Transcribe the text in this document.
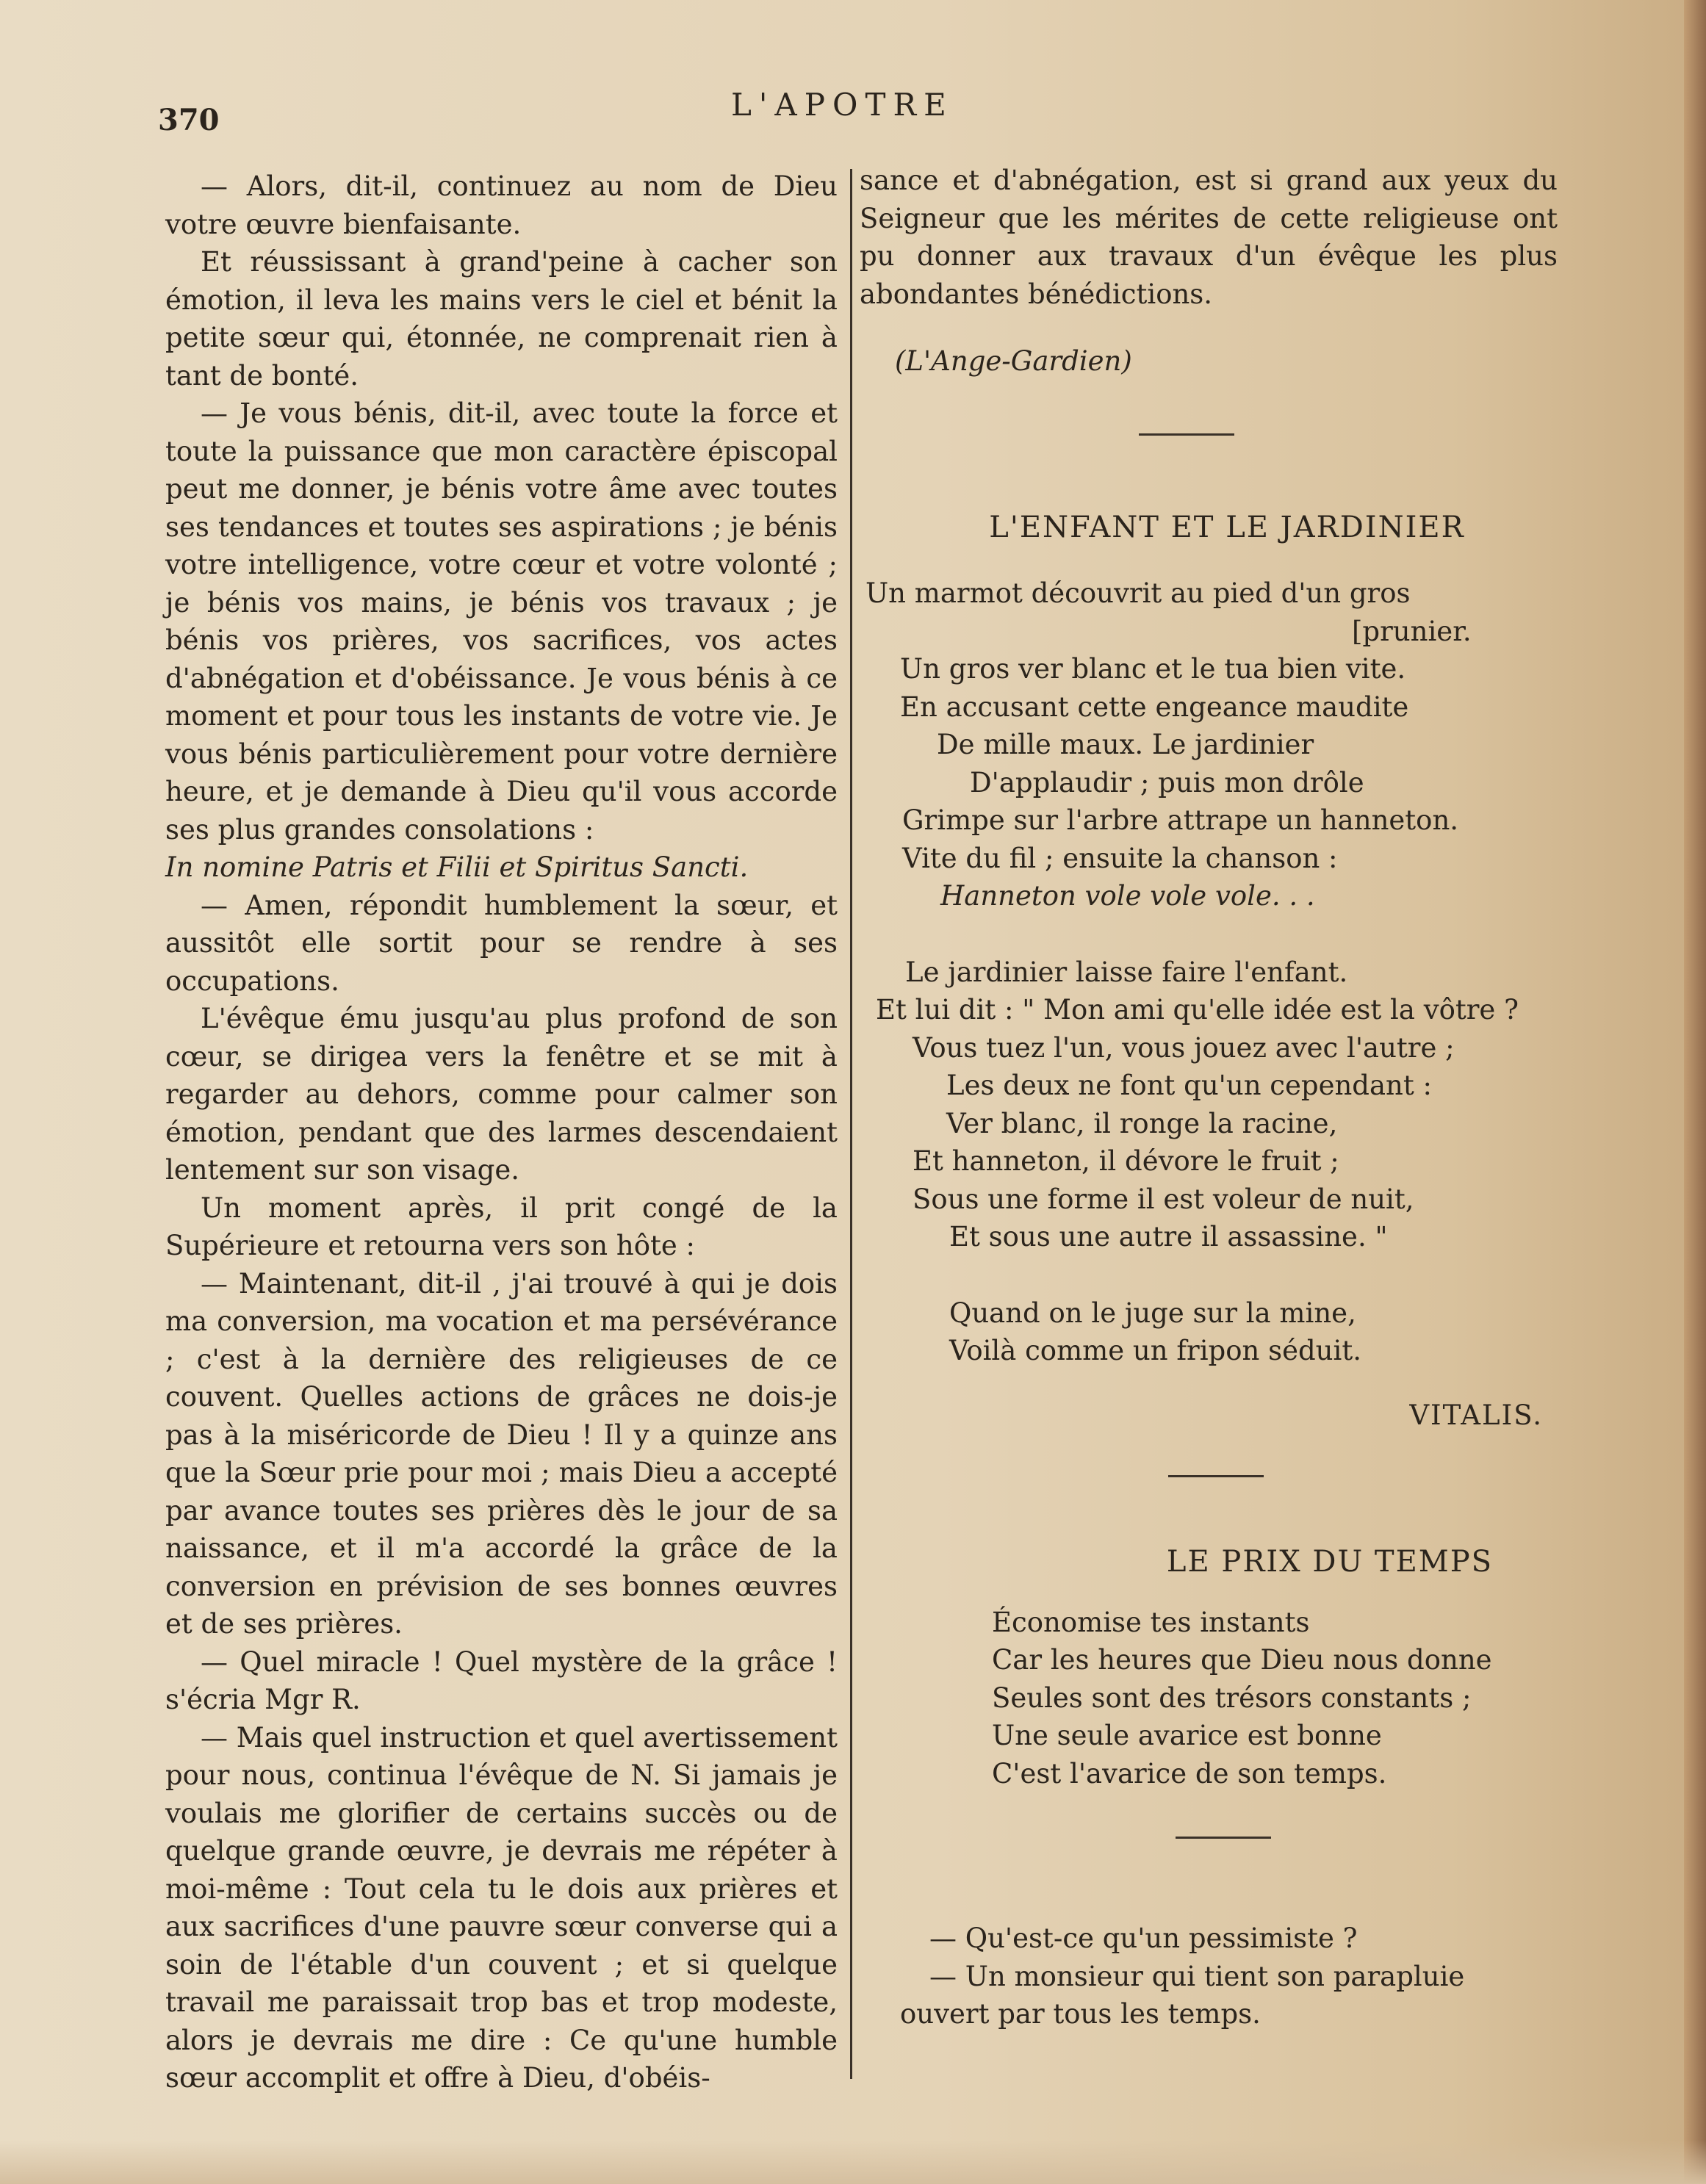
370	L'APOTRE

— Alors, dit-il, continuez au nom de Dieu votre œuvre bienfaisante.

Et réussissant à grand'peine à cacher son émotion, il leva les mains vers le ciel et bénit la petite sœur qui, étonnée, ne comprenait rien à tant de bonté.

— Je vous bénis, dit-il, avec toute la force et toute la puissance que mon caractère épiscopal peut me donner, je bénis votre âme avec toutes ses tendances et toutes ses aspirations ; je bénis votre intelligence, votre cœur et votre volonté ; je bénis vos mains, je bénis vos travaux ; je bénis vos prières, vos sacrifices, vos actes d'abnégation et d'obéissance. Je vous bénis à ce moment et pour tous les instants de votre vie. Je vous bénis particulièrement pour votre dernière heure, et je demande à Dieu qu'il vous accorde ses plus grandes consolations :

In nomine Patris et Filii et Spiritus Sancti.

— Amen, répondit humblement la sœur, et aussitôt elle sortit pour se rendre à ses occupations.

L'évêque ému jusqu'au plus profond de son cœur, se dirigea vers la fenêtre et se mit à regarder au dehors, comme pour calmer son émotion, pendant que des larmes descendaient lentement sur son visage.

Un moment après, il prit congé de la Supérieure et retourna vers son hôte :

— Maintenant, dit-il , j'ai trouvé à qui je dois ma conversion, ma vocation et ma persévérance ; c'est à la dernière des religieuses de ce couvent. Quelles actions de grâces ne dois-je pas à la miséricorde de Dieu ! Il y a quinze ans que la Sœur prie pour moi ; mais Dieu a accepté par avance toutes ses prières dès le jour de sa naissance, et il m'a accordé la grâce de la conversion en prévision de ses bonnes œuvres et de ses prières.

— Quel miracle ! Quel mystère de la grâce ! s'écria Mgr R.

— Mais quel instruction et quel avertissement pour nous, continua l'évêque de N. Si jamais je voulais me glorifier de certains succès ou de quelque grande œuvre, je devrais me répéter à moi-même : Tout cela tu le dois aux prières et aux sacrifices d'une pauvre sœur converse qui a soin de l'étable d'un couvent ; et si quelque travail me paraissait trop bas et trop modeste, alors je devrais me dire : Ce qu'une humble sœur accomplit et offre à Dieu, d'obéis-

sance et d'abnégation, est si grand aux yeux du Seigneur que les mérites de cette religieuse ont pu donner aux travaux d'un évêque les plus abondantes bénédictions.

(L'Ange-Gardien)

L'ENFANT ET LE JARDINIER

Un marmot découvrit au pied d'un gros
[prunier.
Un gros ver blanc et le tua bien vite.
En accusant cette engeance maudite
De mille maux. Le jardinier
D'applaudir ; puis mon drôle
Grimpe sur l'arbre attrape un hanneton.
Vite du fil ; ensuite la chanson :
Hanneton vole vole vole. . .
Le jardinier laisse faire l'enfant.
Et lui dit : " Mon ami qu'elle idée est la vôtre ?
Vous tuez l'un, vous jouez avec l'autre ;
Les deux ne font qu'un cependant :
Ver blanc, il ronge la racine,
Et hanneton, il dévore le fruit ;
Sous une forme il est voleur de nuit,
Et sous une autre il assassine. "
Quand on le juge sur la mine,
Voilà comme un fripon séduit.
VITALIS.

LE PRIX DU TEMPS

Économise tes instants
Car les heures que Dieu nous donne
Seules sont des trésors constants ;
Une seule avarice est bonne
C'est l'avarice de son temps.

— Qu'est-ce qu'un pessimiste ?

— Un monsieur qui tient son parapluie

ouvert par tous les temps.
